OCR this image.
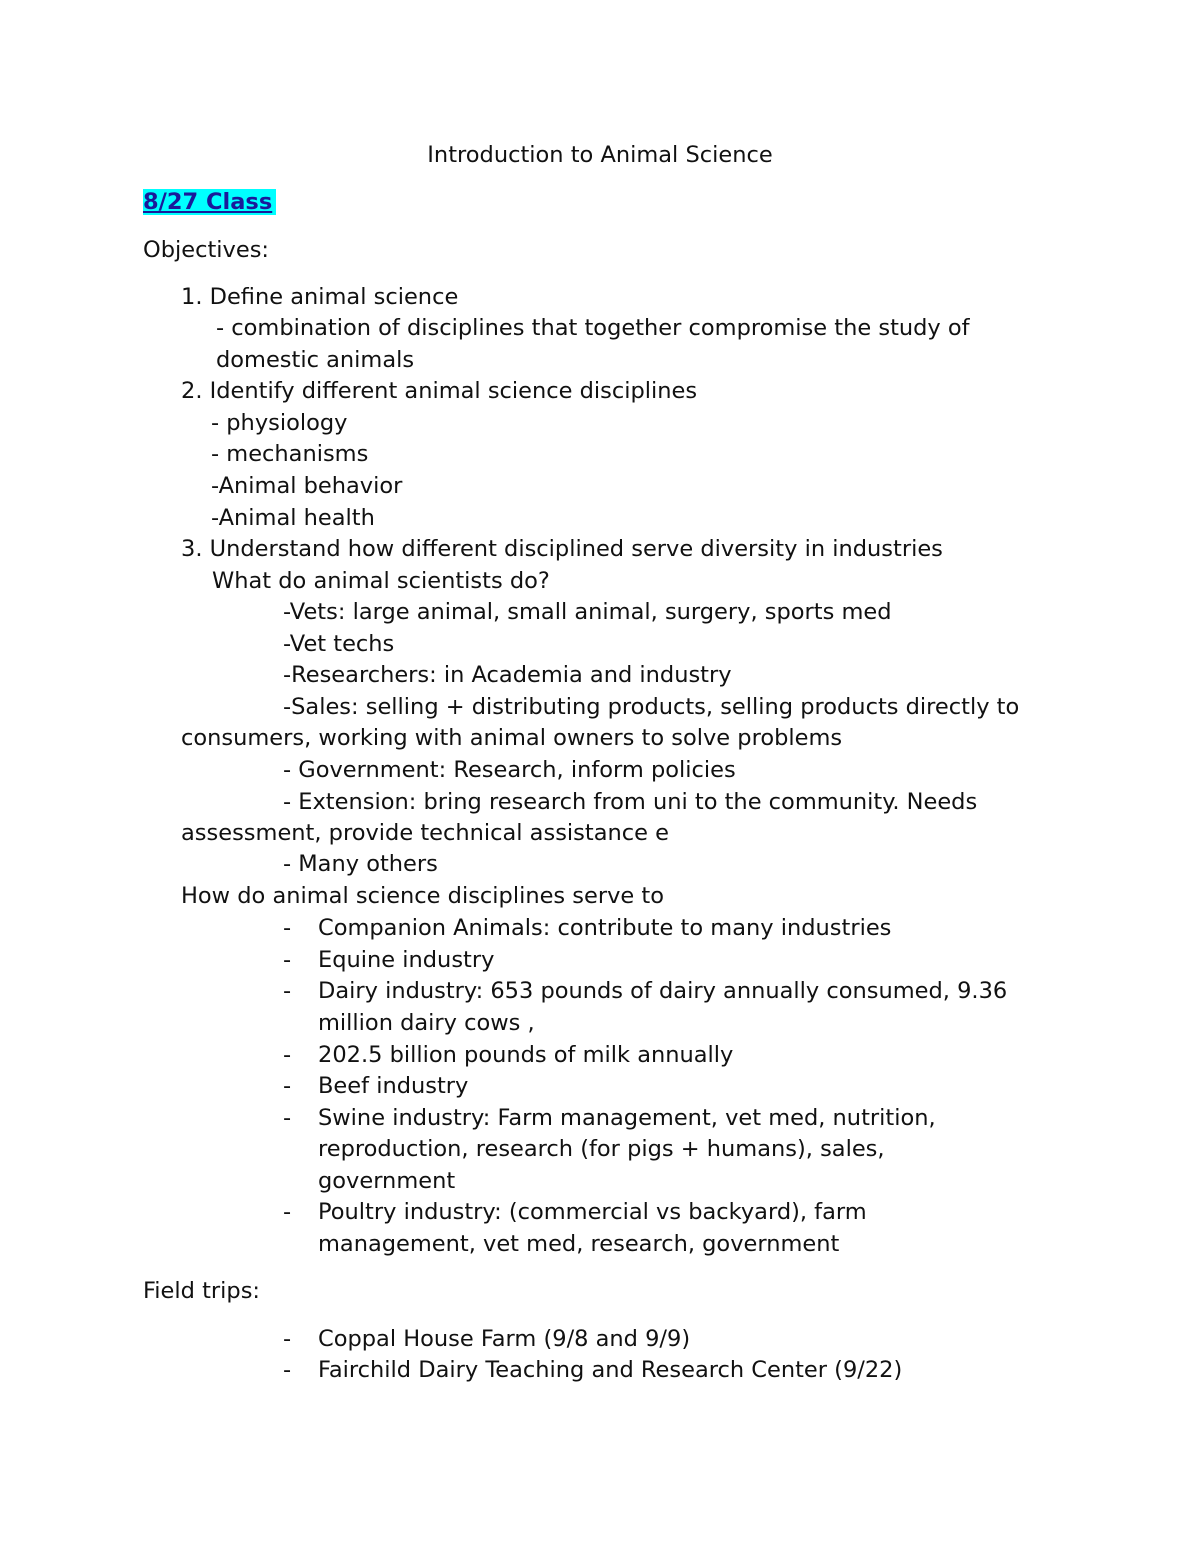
Introduction to Animal Science
8/27 Class
Objectives:
1. Define animal science
- combination of disciplines that together compromise the study of
domestic animals
2. Identify different animal science disciplines
- physiology
- mechanisms
-Animal behavior
-Animal health
3. Understand how different disciplined serve diversity in industries
What do animal scientists do?
-Vets: large animal, small animal, surgery, sports med
-Vet techs
-Researchers: in Academia and industry
-Sales: selling + distributing products, selling products directly to
consumers, working with animal owners to solve problems
- Government: Research, inform policies
- Extension: bring research from uni to the community. Needs
assessment, provide technical assistance e
- Many others
How do animal science disciplines serve to
- Companion Animals: contribute to many industries
- Equine industry
- Dairy industry: 653 pounds of dairy annually consumed, 9.36
million dairy cows ,
- 202.5 billion pounds of milk annually
- Beef industry
- Swine industry: Farm management, vet med, nutrition,
reproduction, research (for pigs + humans), sales,
government
- Poultry industry: (commercial vs backyard), farm
management, vet med, research, government
Field trips:
- Coppal House Farm (9/8 and 9/9)
- Fairchild Dairy Teaching and Research Center (9/22)
